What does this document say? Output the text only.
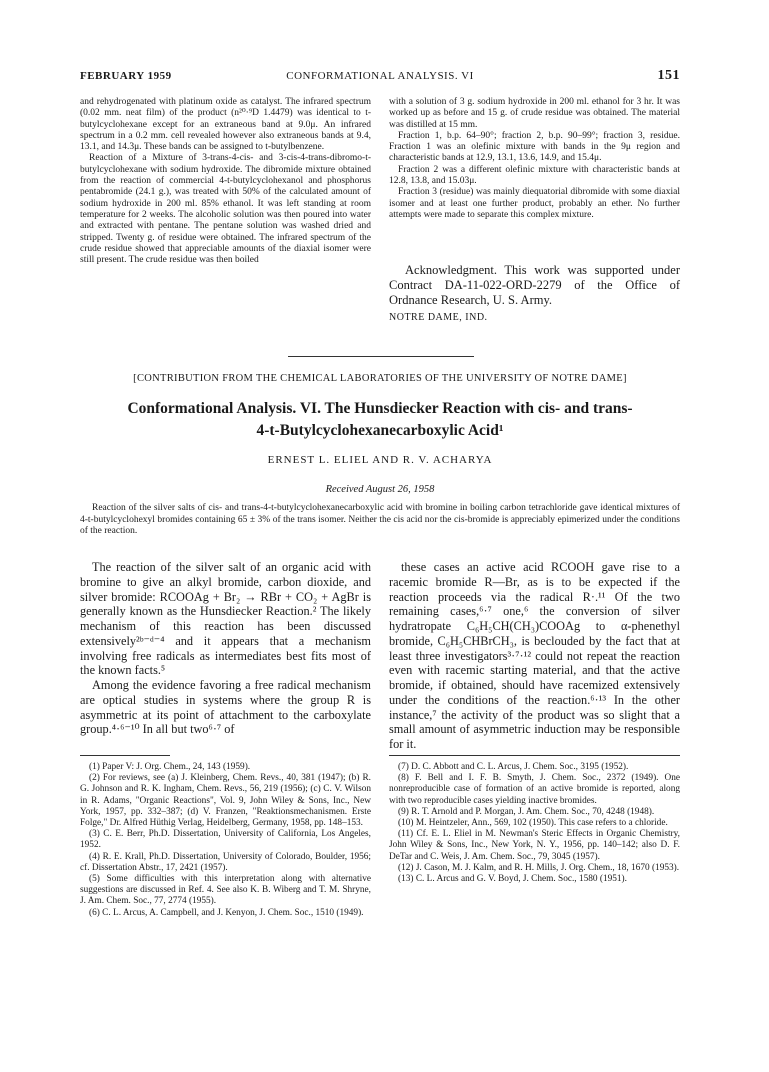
FEBRUARY 1959	CONFORMATIONAL ANALYSIS. VI	151

and rehydrogenated with platinum oxide as catalyst. The infrared spectrum (0.02 mm. neat film) of the product (n²⁰·⁹D 1.4479) was identical to t-butylcyclohexane except for an extraneous band at 9.0μ. An infrared spectrum in a 0.2 mm. cell revealed however also extraneous bands at 9.4, 13.1, and 14.3μ. These bands can be assigned to t-butylbenzene.

Reaction of a Mixture of 3-trans-4-cis- and 3-cis-4-trans-dibromo-t-butylcyclohexane with sodium hydroxide. The dibromide mixture obtained from the reaction of commercial 4-t-butylcyclohexanol and phosphorus pentabromide (24.1 g.), was treated with 50% of the calculated amount of sodium hydroxide in 200 ml. 85% ethanol. It was left standing at room temperature for 2 weeks. The alcoholic solution was then poured into water and extracted with pentane. The pentane solution was washed dried and stripped. Twenty g. of residue were obtained. The infrared spectrum of the crude residue showed that appreciable amounts of the diaxial isomer were still present. The crude residue was then boiled

with a solution of 3 g. sodium hydroxide in 200 ml. ethanol for 3 hr. It was worked up as before and 15 g. of crude residue was obtained. The material was distilled at 15 mm.

Fraction 1, b.p. 64–90°; fraction 2, b.p. 90–99°; fraction 3, residue. Fraction 1 was an olefinic mixture with bands in the 9μ region and characteristic bands at 12.9, 13.1, 13.6, 14.9, and 15.4μ.

Fraction 2 was a different olefinic mixture with characteristic bands at 12.8, 13.8, and 15.03μ.

Fraction 3 (residue) was mainly diequatorial dibromide with some diaxial isomer and at least one further product, probably an ether. No further attempts were made to separate this complex mixture.

Acknowledgment. This work was supported under Contract DA-11-022-ORD-2279 of the Office of Ordnance Research, U. S. Army.

NOTRE DAME, IND.
[CONTRIBUTION FROM THE CHEMICAL LABORATORIES OF THE UNIVERSITY OF NOTRE DAME]
Conformational Analysis. VI. The Hunsdiecker Reaction with cis- and trans-
4-t-Butylcyclohexanecarboxylic Acid¹
ERNEST L. ELIEL AND R. V. ACHARYA
Received August 26, 1958
Reaction of the silver salts of cis- and trans-4-t-butylcyclohexanecarboxylic acid with bromine in boiling carbon tetrachloride gave identical mixtures of 4-t-butylcyclohexyl bromides containing 65 ± 3% of the trans isomer. Neither the cis acid nor the cis-bromide is appreciably epimerized under the conditions of the reaction.

The reaction of the silver salt of an organic acid with bromine to give an alkyl bromide, carbon dioxide, and silver bromide: RCOOAg + Br₂ → RBr + CO₂ + AgBr is generally known as the Hunsdiecker Reaction.² The likely mechanism of this reaction has been discussed extensively²ᵇ⁻ᵈ⁻⁴ and it appears that a mechanism involving free radicals as intermediates best fits most of the known facts.⁵

Among the evidence favoring a free radical mechanism are optical studies in systems where the group R is asymmetric at its point of attachment to the carboxylate group.⁴·⁶⁻¹⁰ In all but two⁶·⁷ of

these cases an active acid RCOOH gave rise to a racemic bromide R—Br, as is to be expected if the reaction proceeds via the radical R·.¹¹ Of the two remaining cases,⁶·⁷ one,⁶ the conversion of silver hydratropate C₆H₅CH(CH₃)COOAg to α-phenethyl bromide, C₆H₅CHBrCH₃, is beclouded by the fact that at least three investigators³·⁷·¹² could not repeat the reaction even with racemic starting material, and that the active bromide, if obtained, should have racemized extensively under the conditions of the reaction.⁶·¹³ In the other instance,⁷ the activity of the product was so slight that a small amount of asymmetric induction may be responsible for it.

(1) Paper V: J. Org. Chem., 24, 143 (1959).

(2) For reviews, see (a) J. Kleinberg, Chem. Revs., 40, 381 (1947); (b) R. G. Johnson and R. K. Ingham, Chem. Revs., 56, 219 (1956); (c) C. V. Wilson in R. Adams, "Organic Reactions", Vol. 9, John Wiley & Sons, Inc., New York, 1957, pp. 332–387; (d) V. Franzen, "Reaktionsmechanismen. Erste Folge," Dr. Alfred Hüthig Verlag, Heidelberg, Germany, 1958, pp. 148–153.

(3) C. E. Berr, Ph.D. Dissertation, University of California, Los Angeles, 1952.

(4) R. E. Krall, Ph.D. Dissertation, University of Colorado, Boulder, 1956; cf. Dissertation Abstr., 17, 2421 (1957).

(5) Some difficulties with this interpretation along with alternative suggestions are discussed in Ref. 4. See also K. B. Wiberg and T. M. Shryne, J. Am. Chem. Soc., 77, 2774 (1955).

(6) C. L. Arcus, A. Campbell, and J. Kenyon, J. Chem. Soc., 1510 (1949).

(7) D. C. Abbott and C. L. Arcus, J. Chem. Soc., 3195 (1952).

(8) F. Bell and I. F. B. Smyth, J. Chem. Soc., 2372 (1949). One nonreproducible case of formation of an active bromide is reported, along with two reproducible cases yielding inactive bromides.

(9) R. T. Arnold and P. Morgan, J. Am. Chem. Soc., 70, 4248 (1948).

(10) M. Heintzeler, Ann., 569, 102 (1950). This case refers to a chloride.

(11) Cf. E. L. Eliel in M. Newman's Steric Effects in Organic Chemistry, John Wiley & Sons, Inc., New York, N. Y., 1956, pp. 140–142; also D. F. DeTar and C. Weis, J. Am. Chem. Soc., 79, 3045 (1957).

(12) J. Cason, M. J. Kalm, and R. H. Mills, J. Org. Chem., 18, 1670 (1953).

(13) C. L. Arcus and G. V. Boyd, J. Chem. Soc., 1580 (1951).
